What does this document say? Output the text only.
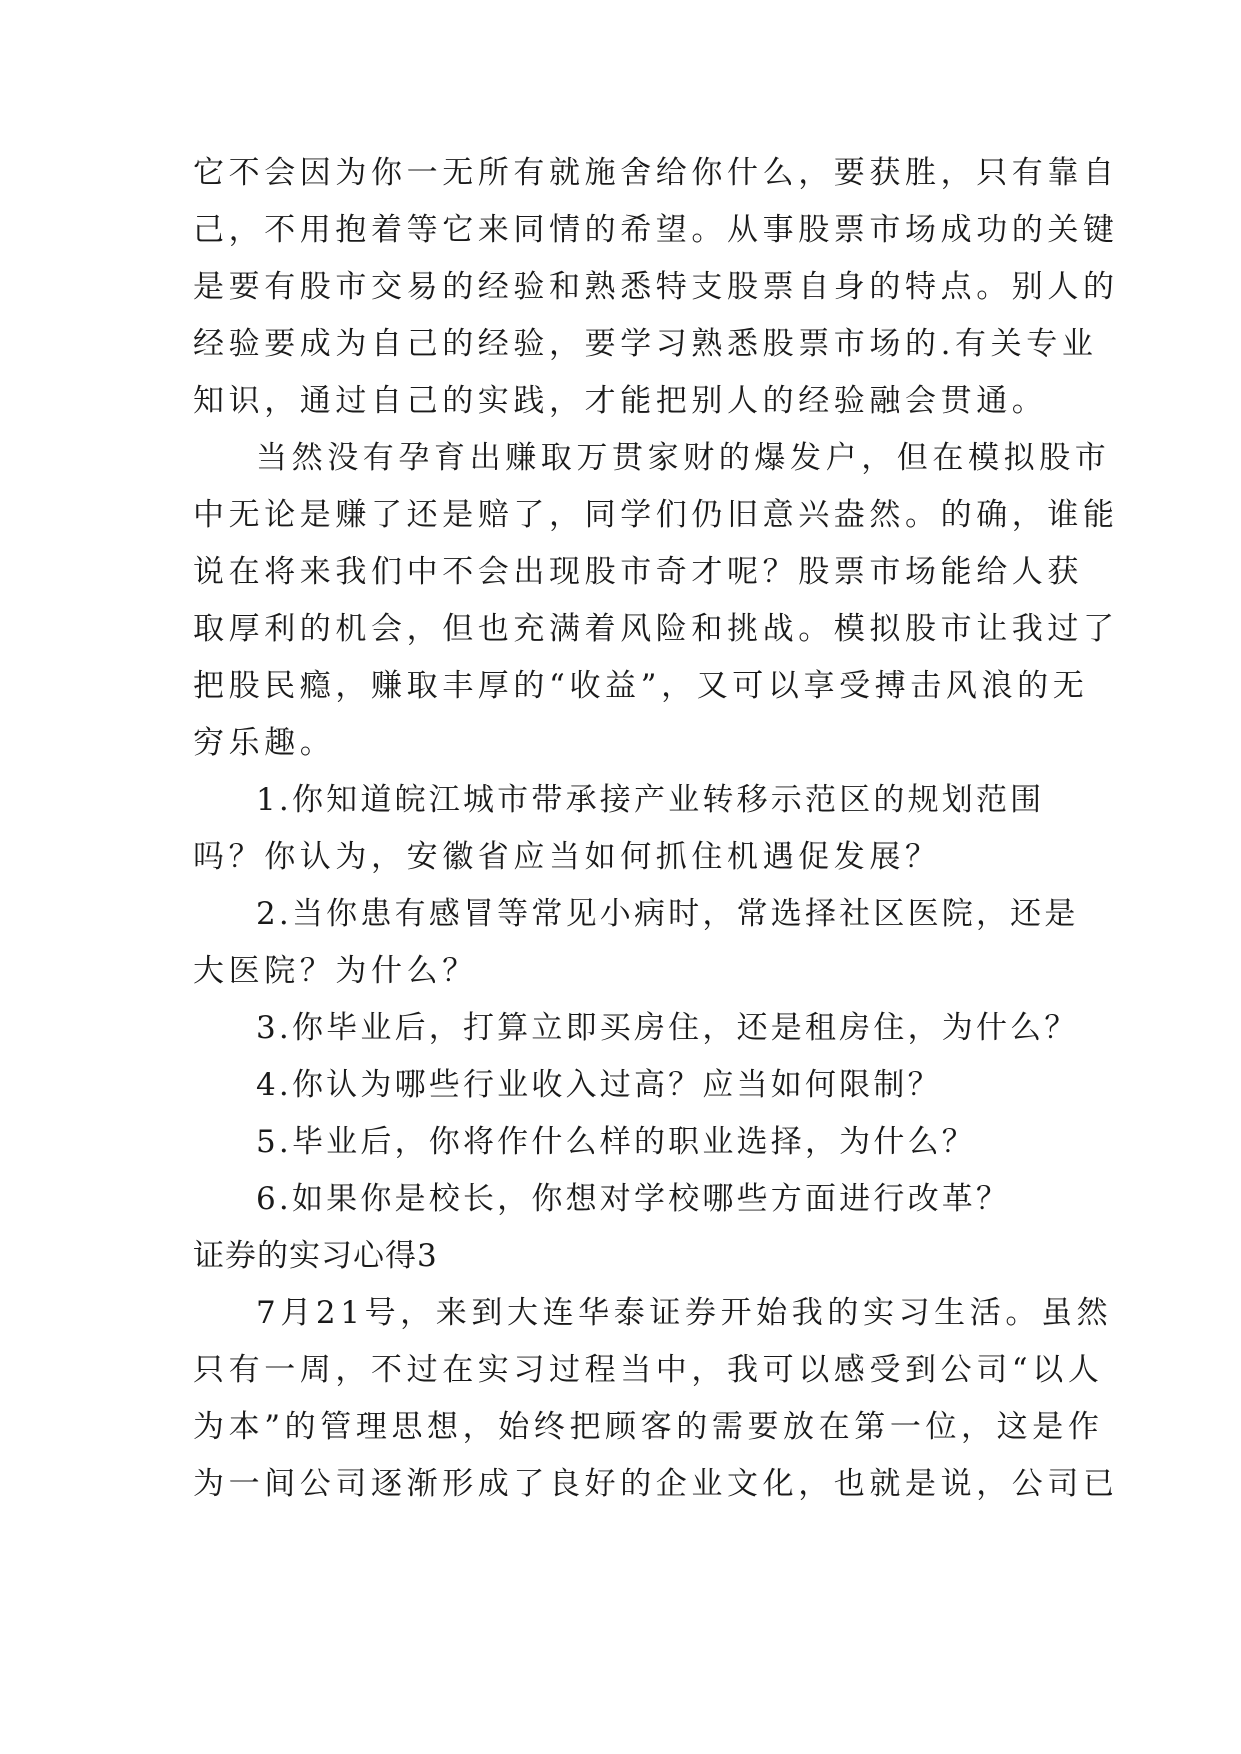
它不会因为你一无所有就施舍给你什么，要获胜，只有靠自
己，不用抱着等它来同情的希望。从事股票市场成功的关键
是要有股市交易的经验和熟悉特支股票自身的特点。别人的
经验要成为自己的经验，要学习熟悉股票市场的.有关专业
知识，通过自己的实践，才能把别人的经验融会贯通。
当然没有孕育出赚取万贯家财的爆发户，但在模拟股市
中无论是赚了还是赔了，同学们仍旧意兴盎然。的确，谁能
说在将来我们中不会出现股市奇才呢？股票市场能给人获
取厚利的机会，但也充满着风险和挑战。模拟股市让我过了
把股民瘾，赚取丰厚的“收益”，又可以享受搏击风浪的无
穷乐趣。
1.你知道皖江城市带承接产业转移示范区的规划范围
吗？你认为，安徽省应当如何抓住机遇促发展？
2.当你患有感冒等常见小病时，常选择社区医院，还是
大医院？为什么？
3.你毕业后，打算立即买房住，还是租房住，为什么？
4.你认为哪些行业收入过高？应当如何限制？
5.毕业后，你将作什么样的职业选择，为什么？
6.如果你是校长，你想对学校哪些方面进行改革？
证券的实习心得3
7月21号，来到大连华泰证券开始我的实习生活。虽然
只有一周，不过在实习过程当中，我可以感受到公司“以人
为本”的管理思想，始终把顾客的需要放在第一位，这是作
为一间公司逐渐形成了良好的企业文化，也就是说，公司已
